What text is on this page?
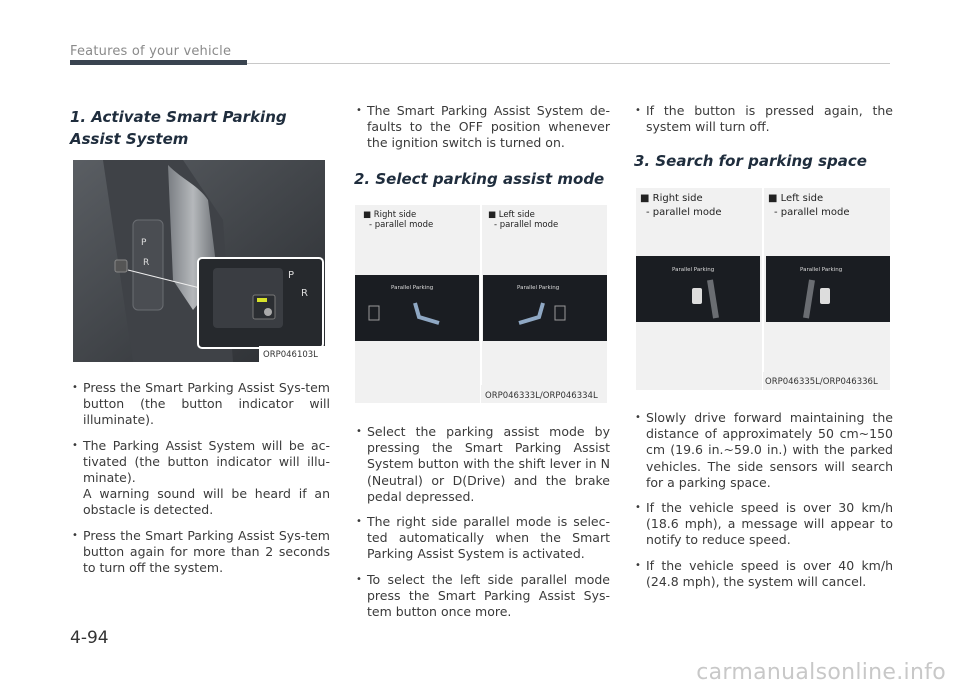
Features of your vehicle
1. Activate Smart Parking Assist System
P
R
P
R
ORP046103L

• Press the Smart Parking Assist Sys-tem button (the button indicator will illuminate).

• The Parking Assist System will be ac-tivated (the button indicator will illu-minate).

A warning sound will be heard if an obstacle is detected.

• Press the Smart Parking Assist Sys-tem button again for more than 2 seconds to turn off the system.

• The Smart Parking Assist System de-faults to the OFF position whenever the ignition switch is turned on.

2. Select parking assist mode
■ Right side
- parallel mode
■ Left side
- parallel mode
Parallel Parking	Parallel Parking
ORP046333L/ORP046334L

• Select the parking assist mode by pressing the Smart Parking Assist System button with the shift lever in N (Neutral) or D(Drive) and the brake pedal depressed.

• The right side parallel mode is selec-ted automatically when the Smart Parking Assist System is activated.

• To select the left side parallel mode press the Smart Parking Assist Sys-tem button once more.

• If the button is pressed again, the system will turn off.

3. Search for parking space
■ Right side
- parallel mode
■ Left side
- parallel mode
Parallel Parking	Parallel Parking
ORP046335L/ORP046336L

• Slowly drive forward maintaining the distance of approximately 50 cm~150 cm (19.6 in.~59.0 in.) with the parked vehicles. The side sensors will search for a parking space.

• If the vehicle speed is over 30 km/h (18.6 mph), a message will appear to notify to reduce speed.

• If the vehicle speed is over 40 km/h (24.8 mph), the system will cancel.

4-94
carmanualsonline.info
